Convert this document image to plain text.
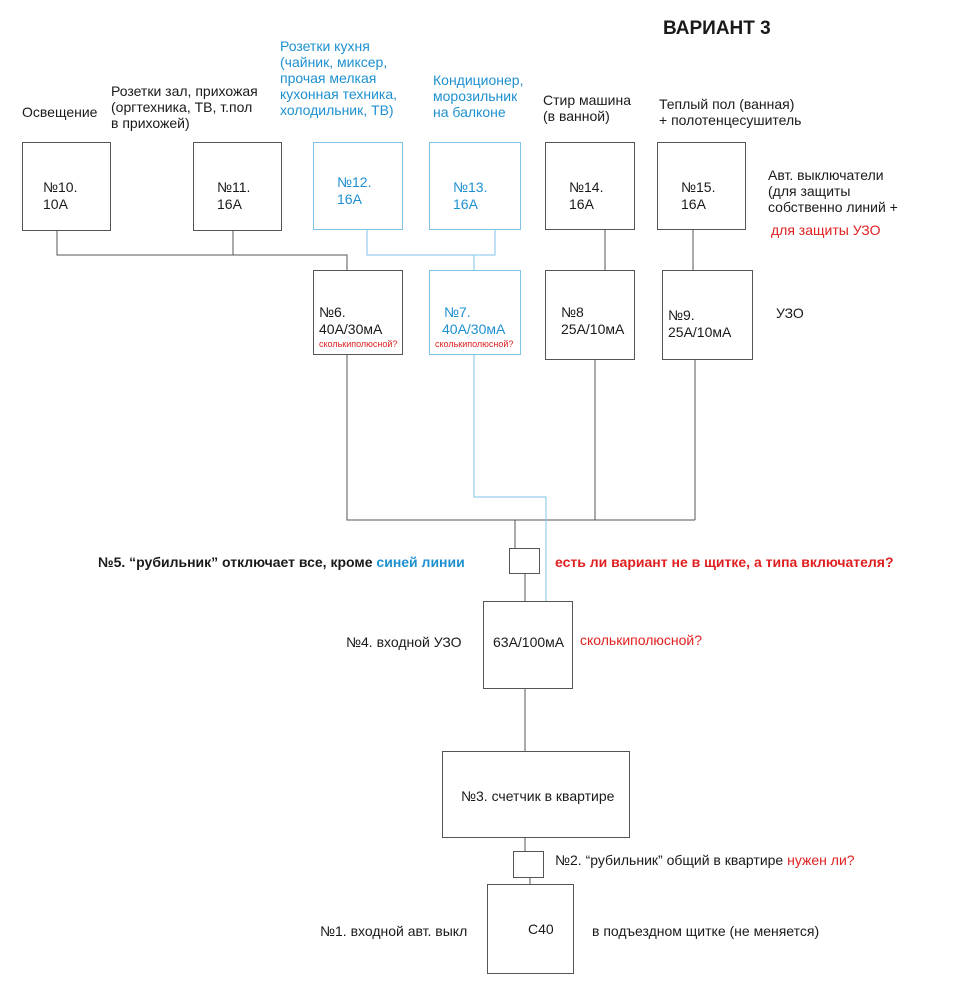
ВАРИАНТ 3
Освещение
Розетки зал, прихожая
(оргтехника, ТВ, т.пол
в прихожей)
Розетки кухня
(чайник, миксер,
прочая мелкая
кухонная техника,
холодильник, ТВ)
Кондиционер,
морозильник
на балконе
Стир машина
(в ванной)
Теплый пол (ванная)
+ полотенцесушитель
№10.
10А
№11.
16А
№12.
16А
№13.
16А
№14.
16А
№15.
16А
Авт. выключатели
(для защиты
собственно линий +
для защиты УЗО
№6.
40А/30мА
сколькиполюсной?
№7.
40А/30мА
сколькиполюсной?
№8
25А/10мА
№9.
25А/10мА
УЗО
№5. “рубильник” отключает все, кроме синей линии	есть ли вариант не в щитке, а типа включателя?
№4. входной УЗО 63А/100мА сколькиполюсной?
№3. счетчик в квартире
№2. “рубильник” общий в квартире нужен ли?
№1. входной авт. выкл	С40	в подъездном щитке (не меняется)
